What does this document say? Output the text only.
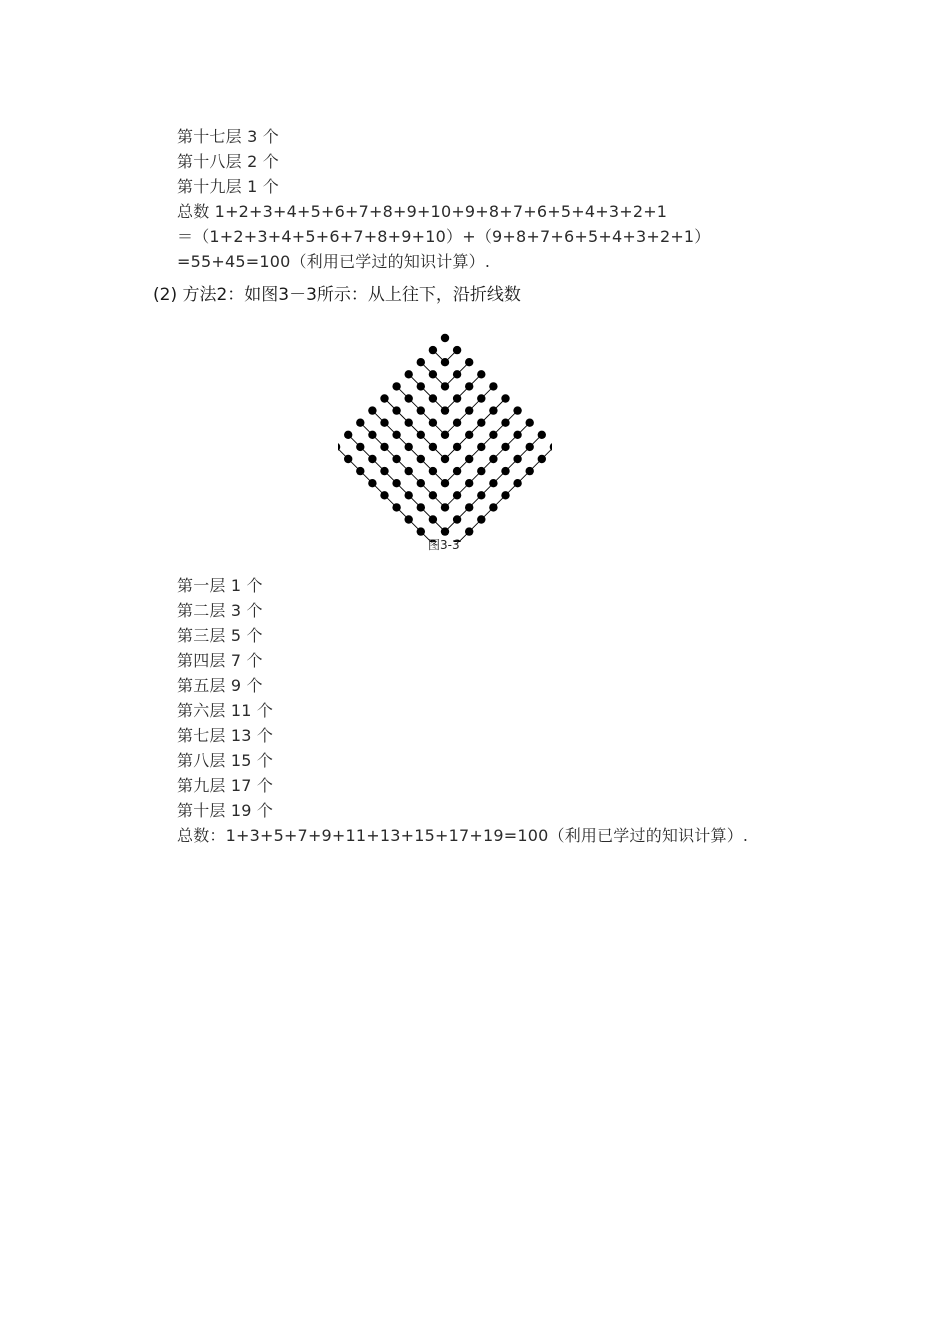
第十七层 3 个
第十八层 2 个
第十九层 1 个
总数 1+2+3+4+5+6+7+8+9+10+9+8+7+6+5+4+3+2+1
＝（1+2+3+4+5+6+7+8+9+10）+（9+8+7+6+5+4+3+2+1）
=55+45=100（利用已学过的知识计算）.
(2) 方法2：如图3－3所示：从上往下，沿折线数
图3-3
第一层 1 个
第二层 3 个
第三层 5 个
第四层 7 个
第五层 9 个
第六层 11 个
第七层 13 个
第八层 15 个
第九层 17 个
第十层 19 个
总数：1+3+5+7+9+11+13+15+17+19=100（利用已学过的知识计算）.
